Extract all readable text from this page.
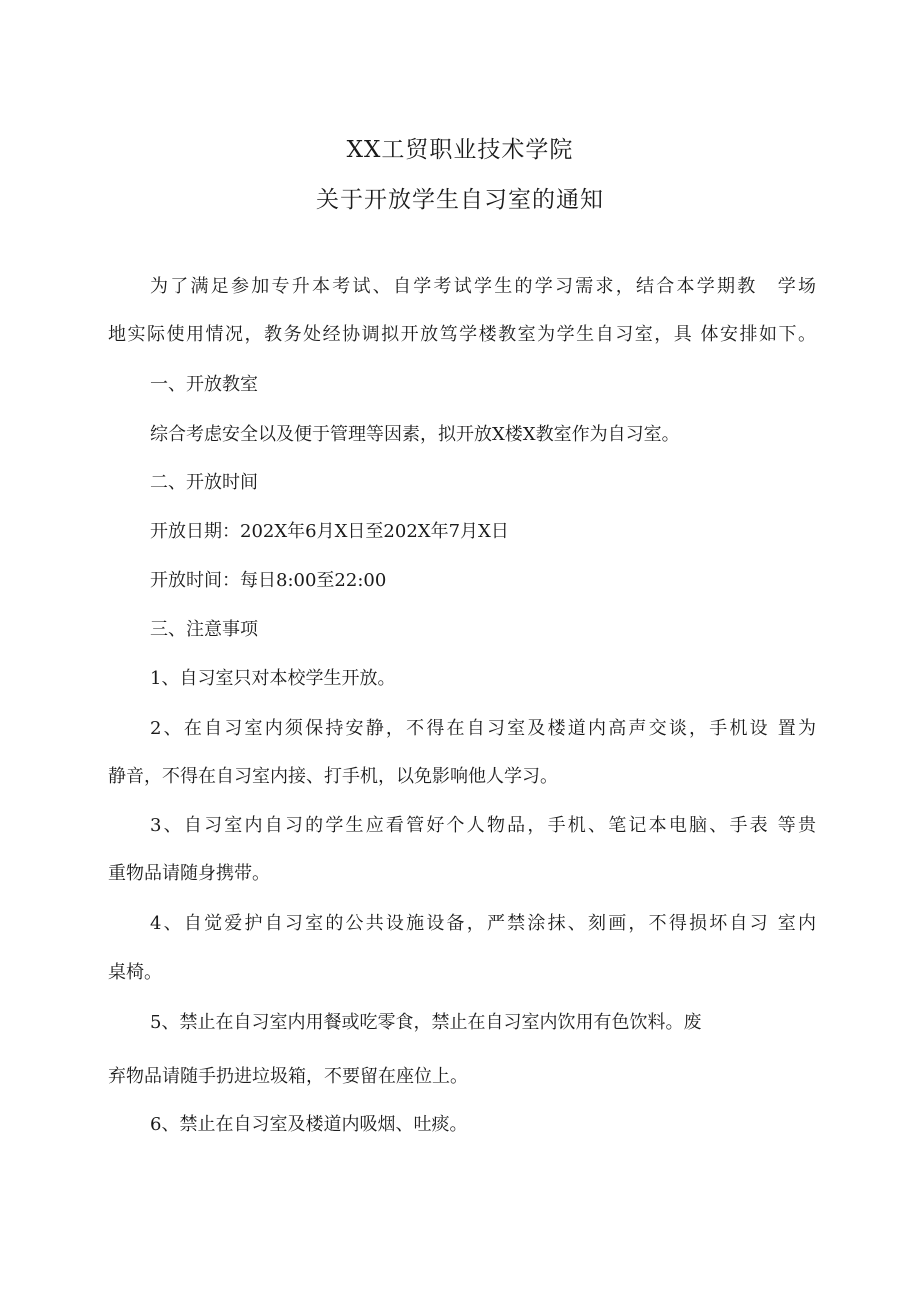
XX工贸职业技术学院
关于开放学生自习室的通知
为了满足参加专升本考试、自学考试学生的学习需求，结合本学期教　学场
地实际使用情况，教务处经协调拟开放笃学楼教室为学生自习室，具 体安排如下。
一、开放教室
综合考虑安全以及便于管理等因素，拟开放X楼X教室作为自习室。
二、开放时间
开放日期：202X年6月X日至202X年7月X日
开放时间：每日8:00至22:00
三、注意事项
1、自习室只对本校学生开放。
2、在自习室内须保持安静，不得在自习室及楼道内高声交谈，手机设 置为
静音，不得在自习室内接、打手机，以免影响他人学习。
3、自习室内自习的学生应看管好个人物品，手机、笔记本电脑、手表 等贵
重物品请随身携带。
4、自觉爱护自习室的公共设施设备，严禁涂抹、刻画，不得损坏自习 室内
桌椅。
5、禁止在自习室内用餐或吃零食，禁止在自习室内饮用有色饮料。废
弃物品请随手扔进垃圾箱，不要留在座位上。
6、禁止在自习室及楼道内吸烟、吐痰。
